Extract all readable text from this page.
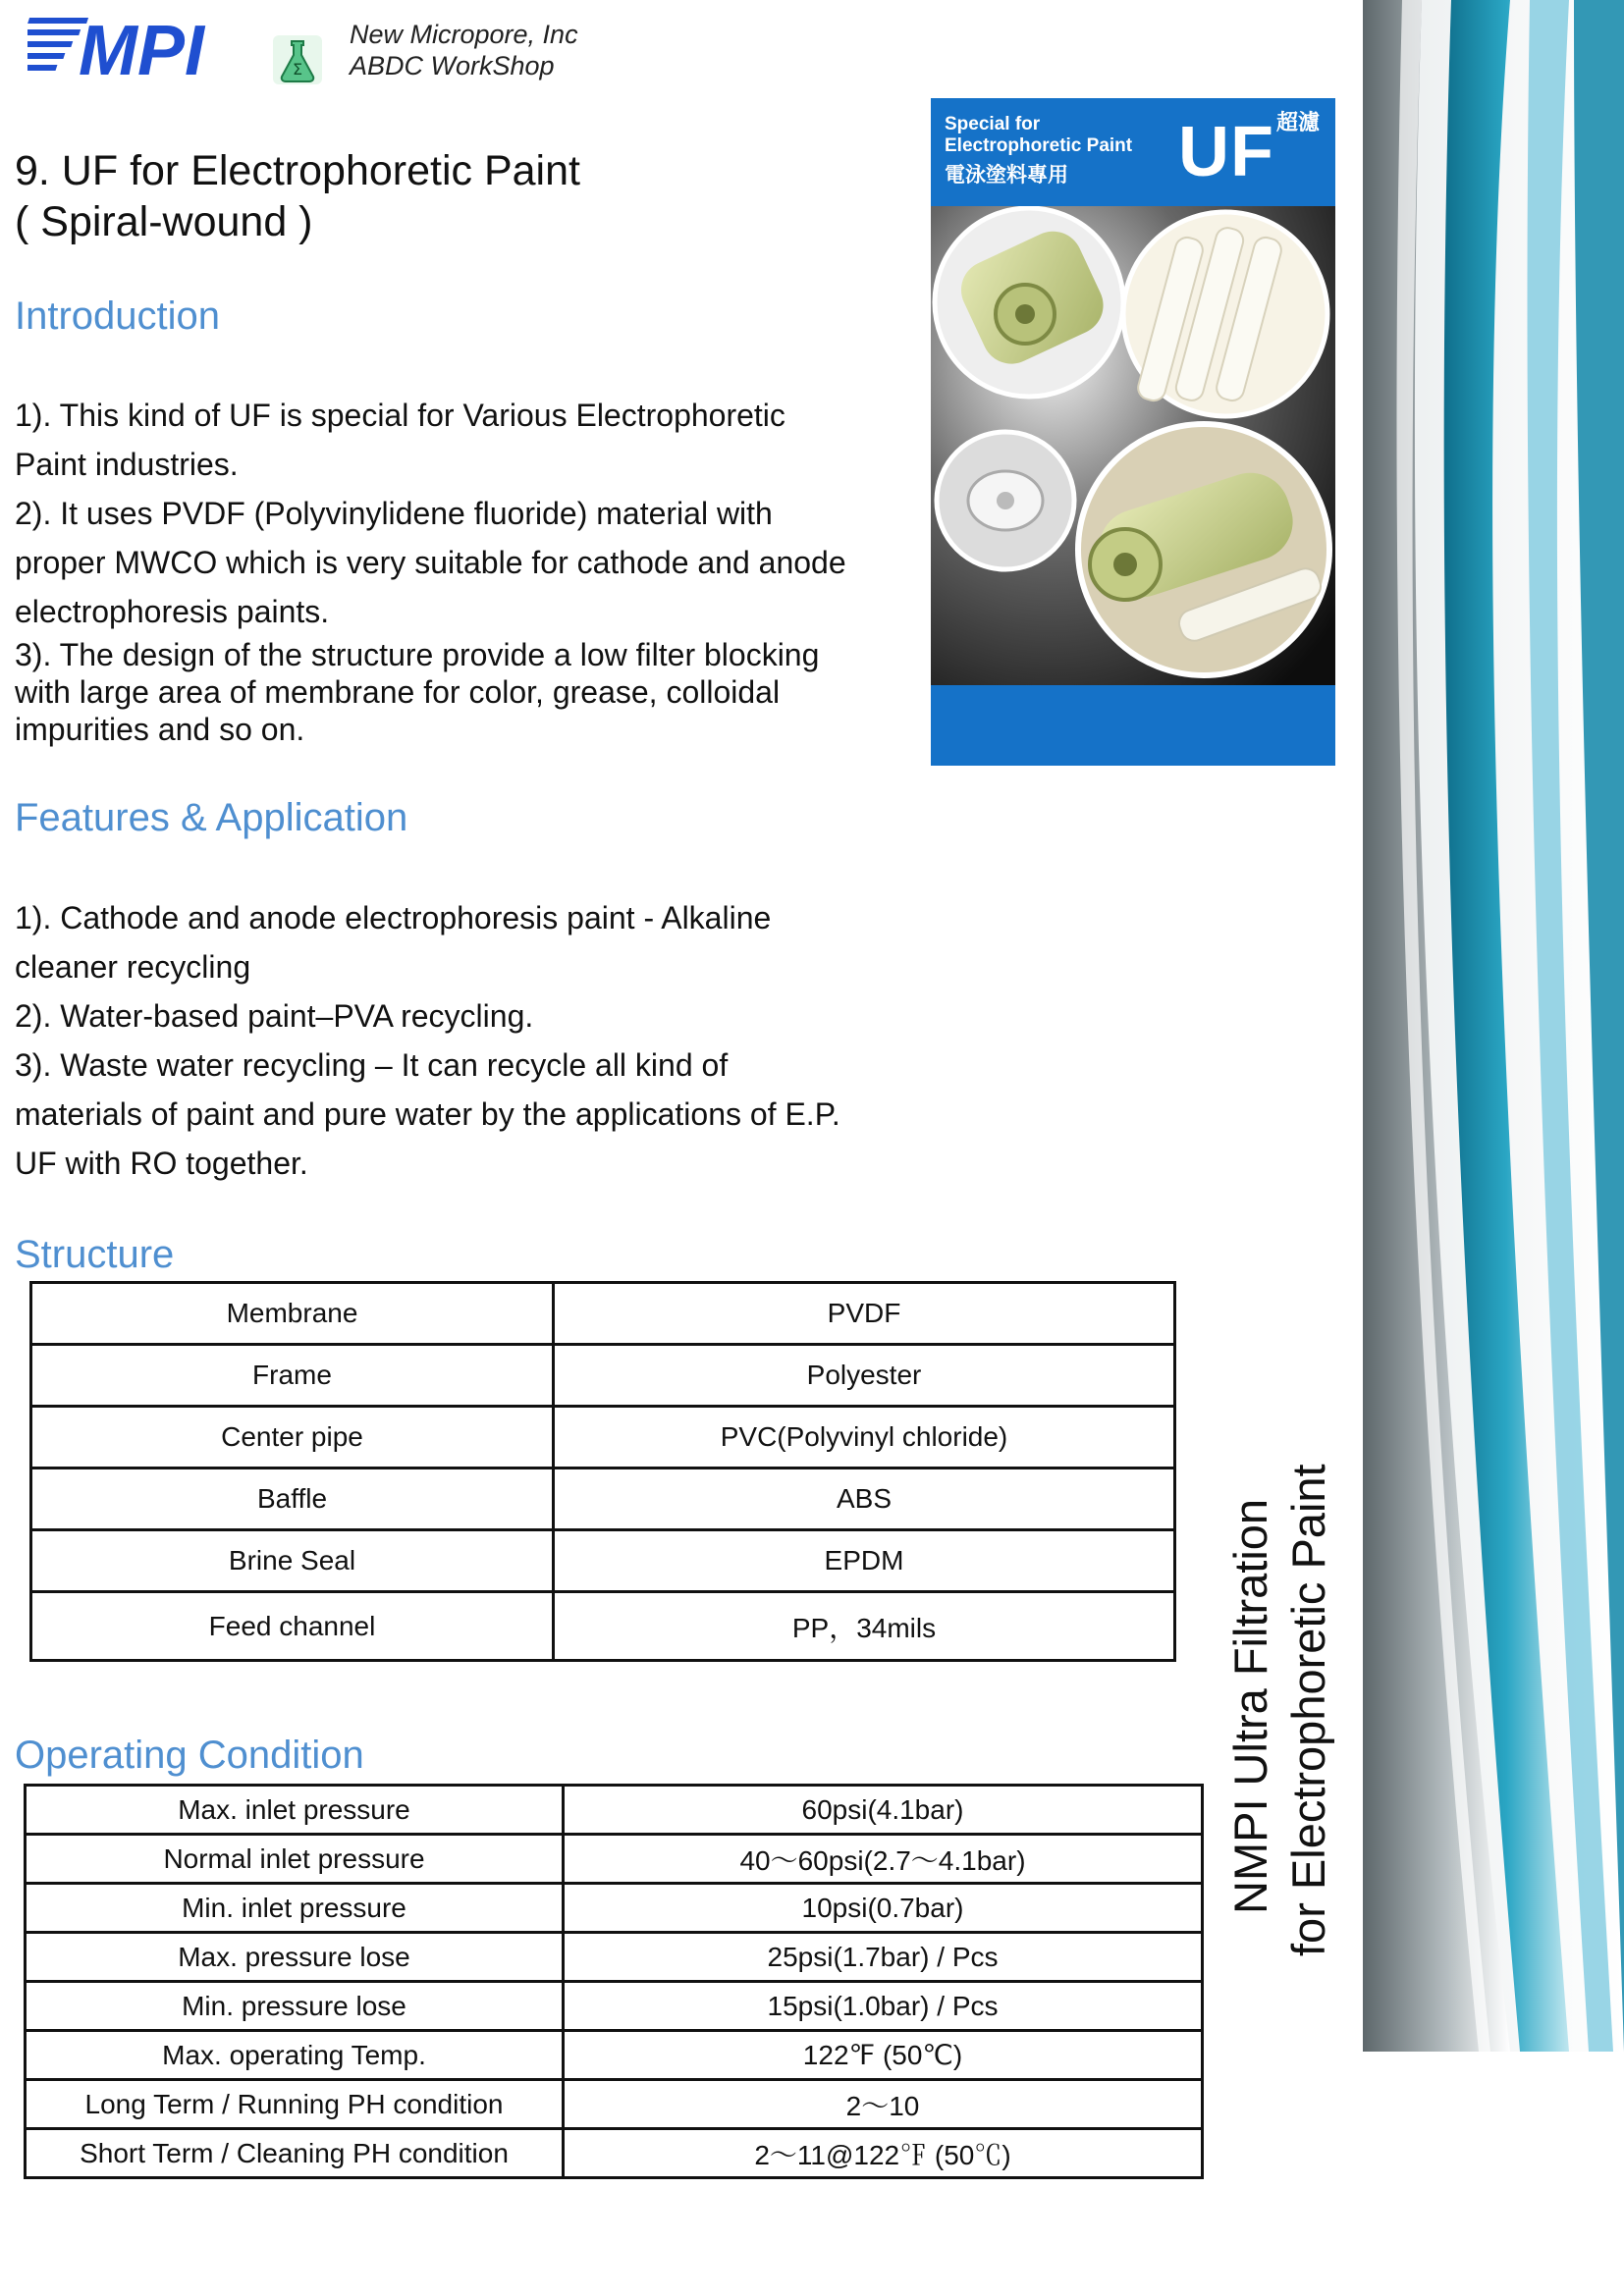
MPI	Σ
New Micropore, Inc
ABDC WorkShop
9. UF for Electrophoretic Paint
( Spiral-wound )
Introduction
1). This kind of UF is special for Various Electrophoretic
Paint industries.
2). It uses PVDF (Polyvinylidene fluoride) material with
proper MWCO which is very suitable for cathode and anode
electrophoresis paints.
3). The design of the structure provide a low filter blocking
with large area of membrane for color, grease, colloidal
impurities and so on.
Special for
Electrophoretic Paint
電泳塗料專用 UF 超濾
Features & Application
1). Cathode and anode electrophoresis paint - Alkaline
cleaner recycling
2). Water-based paint–PVA recycling.
3). Waste water recycling – It can recycle all kind of
materials of paint and pure water by the applications of E.P.
UF with RO together.
Structure
Membrane	PVDF
Frame	Polyester
Center pipe	PVC(Polyvinyl chloride)
Baffle	ABS
Brine Seal	EPDM
Feed channel	PP，34mils
Operating Condition
Max. inlet pressure	60psi(4.1bar)
Normal inlet pressure	40～60psi(2.7～4.1bar)
Min. inlet pressure	10psi(0.7bar)
Max. pressure lose	25psi(1.7bar) / Pcs
Min. pressure lose	15psi(1.0bar) / Pcs
Max. operating Temp.	122℉ (50℃)
Long Term / Running PH condition	2～10
Short Term / Cleaning PH condition	2～11@122℉ (50℃)
NMPI Ultra Filtration for Electrophoretic Paint
